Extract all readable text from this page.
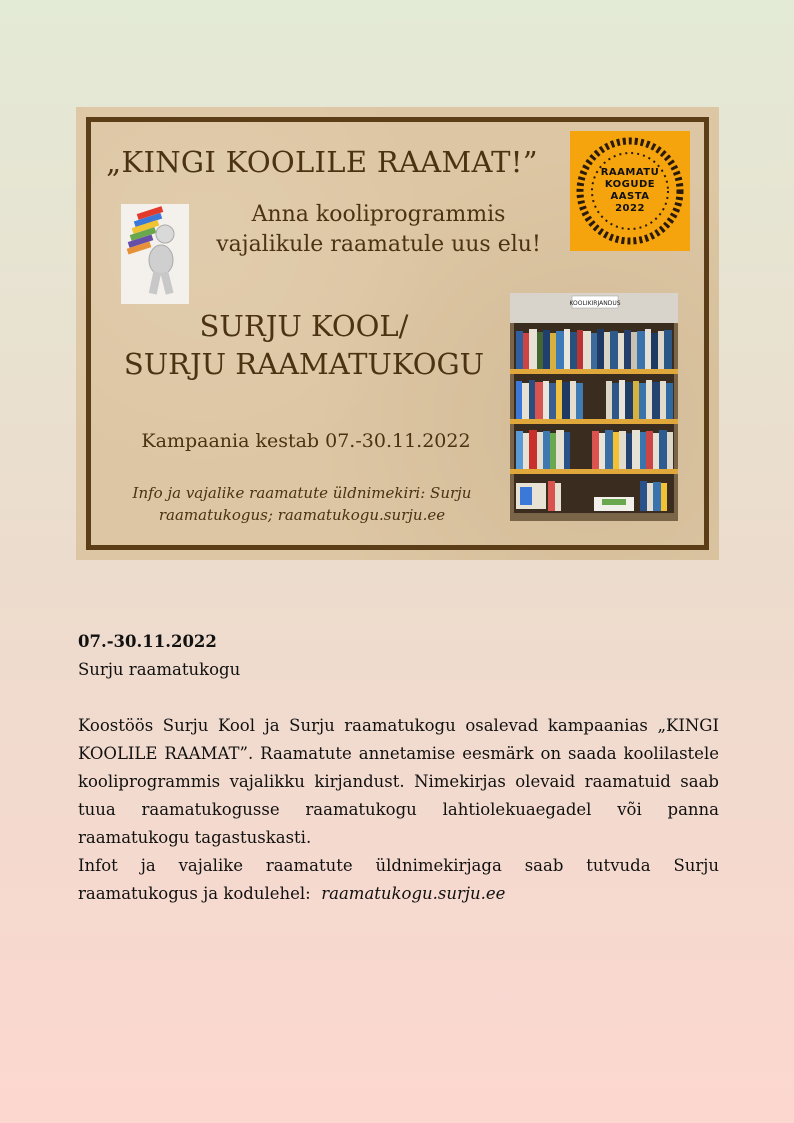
„KINGI KOOLILE RAAMAT!”
Anna kooliprogrammis
vajalikule raamatule uus elu!
RAAMATU
KOGUDE
AASTA
2022
SURJU KOOL/
SURJU RAAMATUKOGU
KOOLIKIRJANDUS
Kampaania kestab 07.-30.11.2022
Info ja vajalike raamatute üldnimekiri: Surju
raamatukogus; raamatukogu.surju.ee

07.-30.11.2022

Surju raamatukogu

Koostöös Surju Kool ja Surju raamatukogu osalevad kampaanias „KINGI KOOLILE RAAMAT”. Raamatute annetamise eesmärk on saada koolilastele kooliprogrammis vajalikku kirjandust. Nimekirjas olevaid raamatuid saab tuua raamatukogusse raamatukogu lahtiolekuaegadel või panna raamatukogu tagastuskasti.

Infot ja vajalike raamatute üldnimekirjaga saab tutvuda Surju raamatukogus ja kodulehel: raamatukogu.surju.ee
